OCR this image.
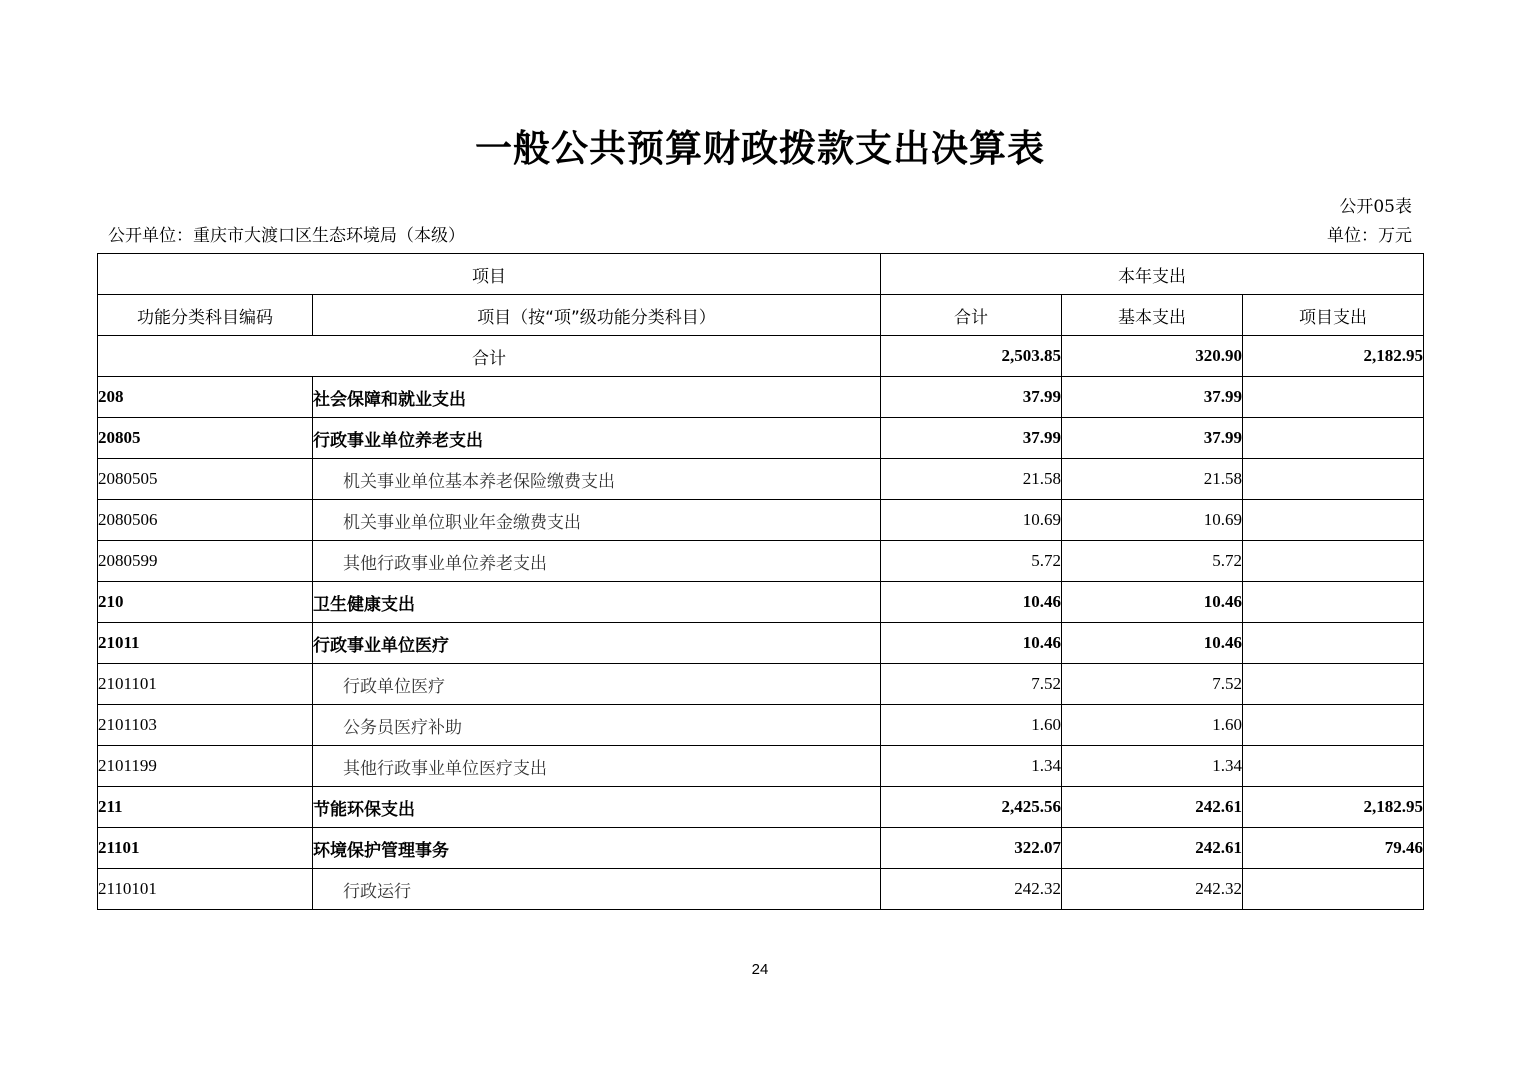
一般公共预算财政拨款支出决算表
公开05表
公开单位：重庆市大渡口区生态环境局（本级）	单位：万元
项目		本年支出		
功能分类科目编码	项目（按“项”级功能分类科目）	合计	基本支出	项目支出
合计		2,503.85	320.90	2,182.95
208	社会保障和就业支出	37.99	37.99	
20805	行政事业单位养老支出	37.99	37.99	
2080505	机关事业单位基本养老保险缴费支出	21.58	21.58	
2080506	机关事业单位职业年金缴费支出	10.69	10.69	
2080599	其他行政事业单位养老支出	5.72	5.72	
210	卫生健康支出	10.46	10.46	
21011	行政事业单位医疗	10.46	10.46	
2101101	行政单位医疗	7.52	7.52	
2101103	公务员医疗补助	1.60	1.60	
2101199	其他行政事业单位医疗支出	1.34	1.34	
211	节能环保支出	2,425.56	242.61	2,182.95
21101	环境保护管理事务	322.07	242.61	79.46
2110101	行政运行	242.32	242.32	
24
